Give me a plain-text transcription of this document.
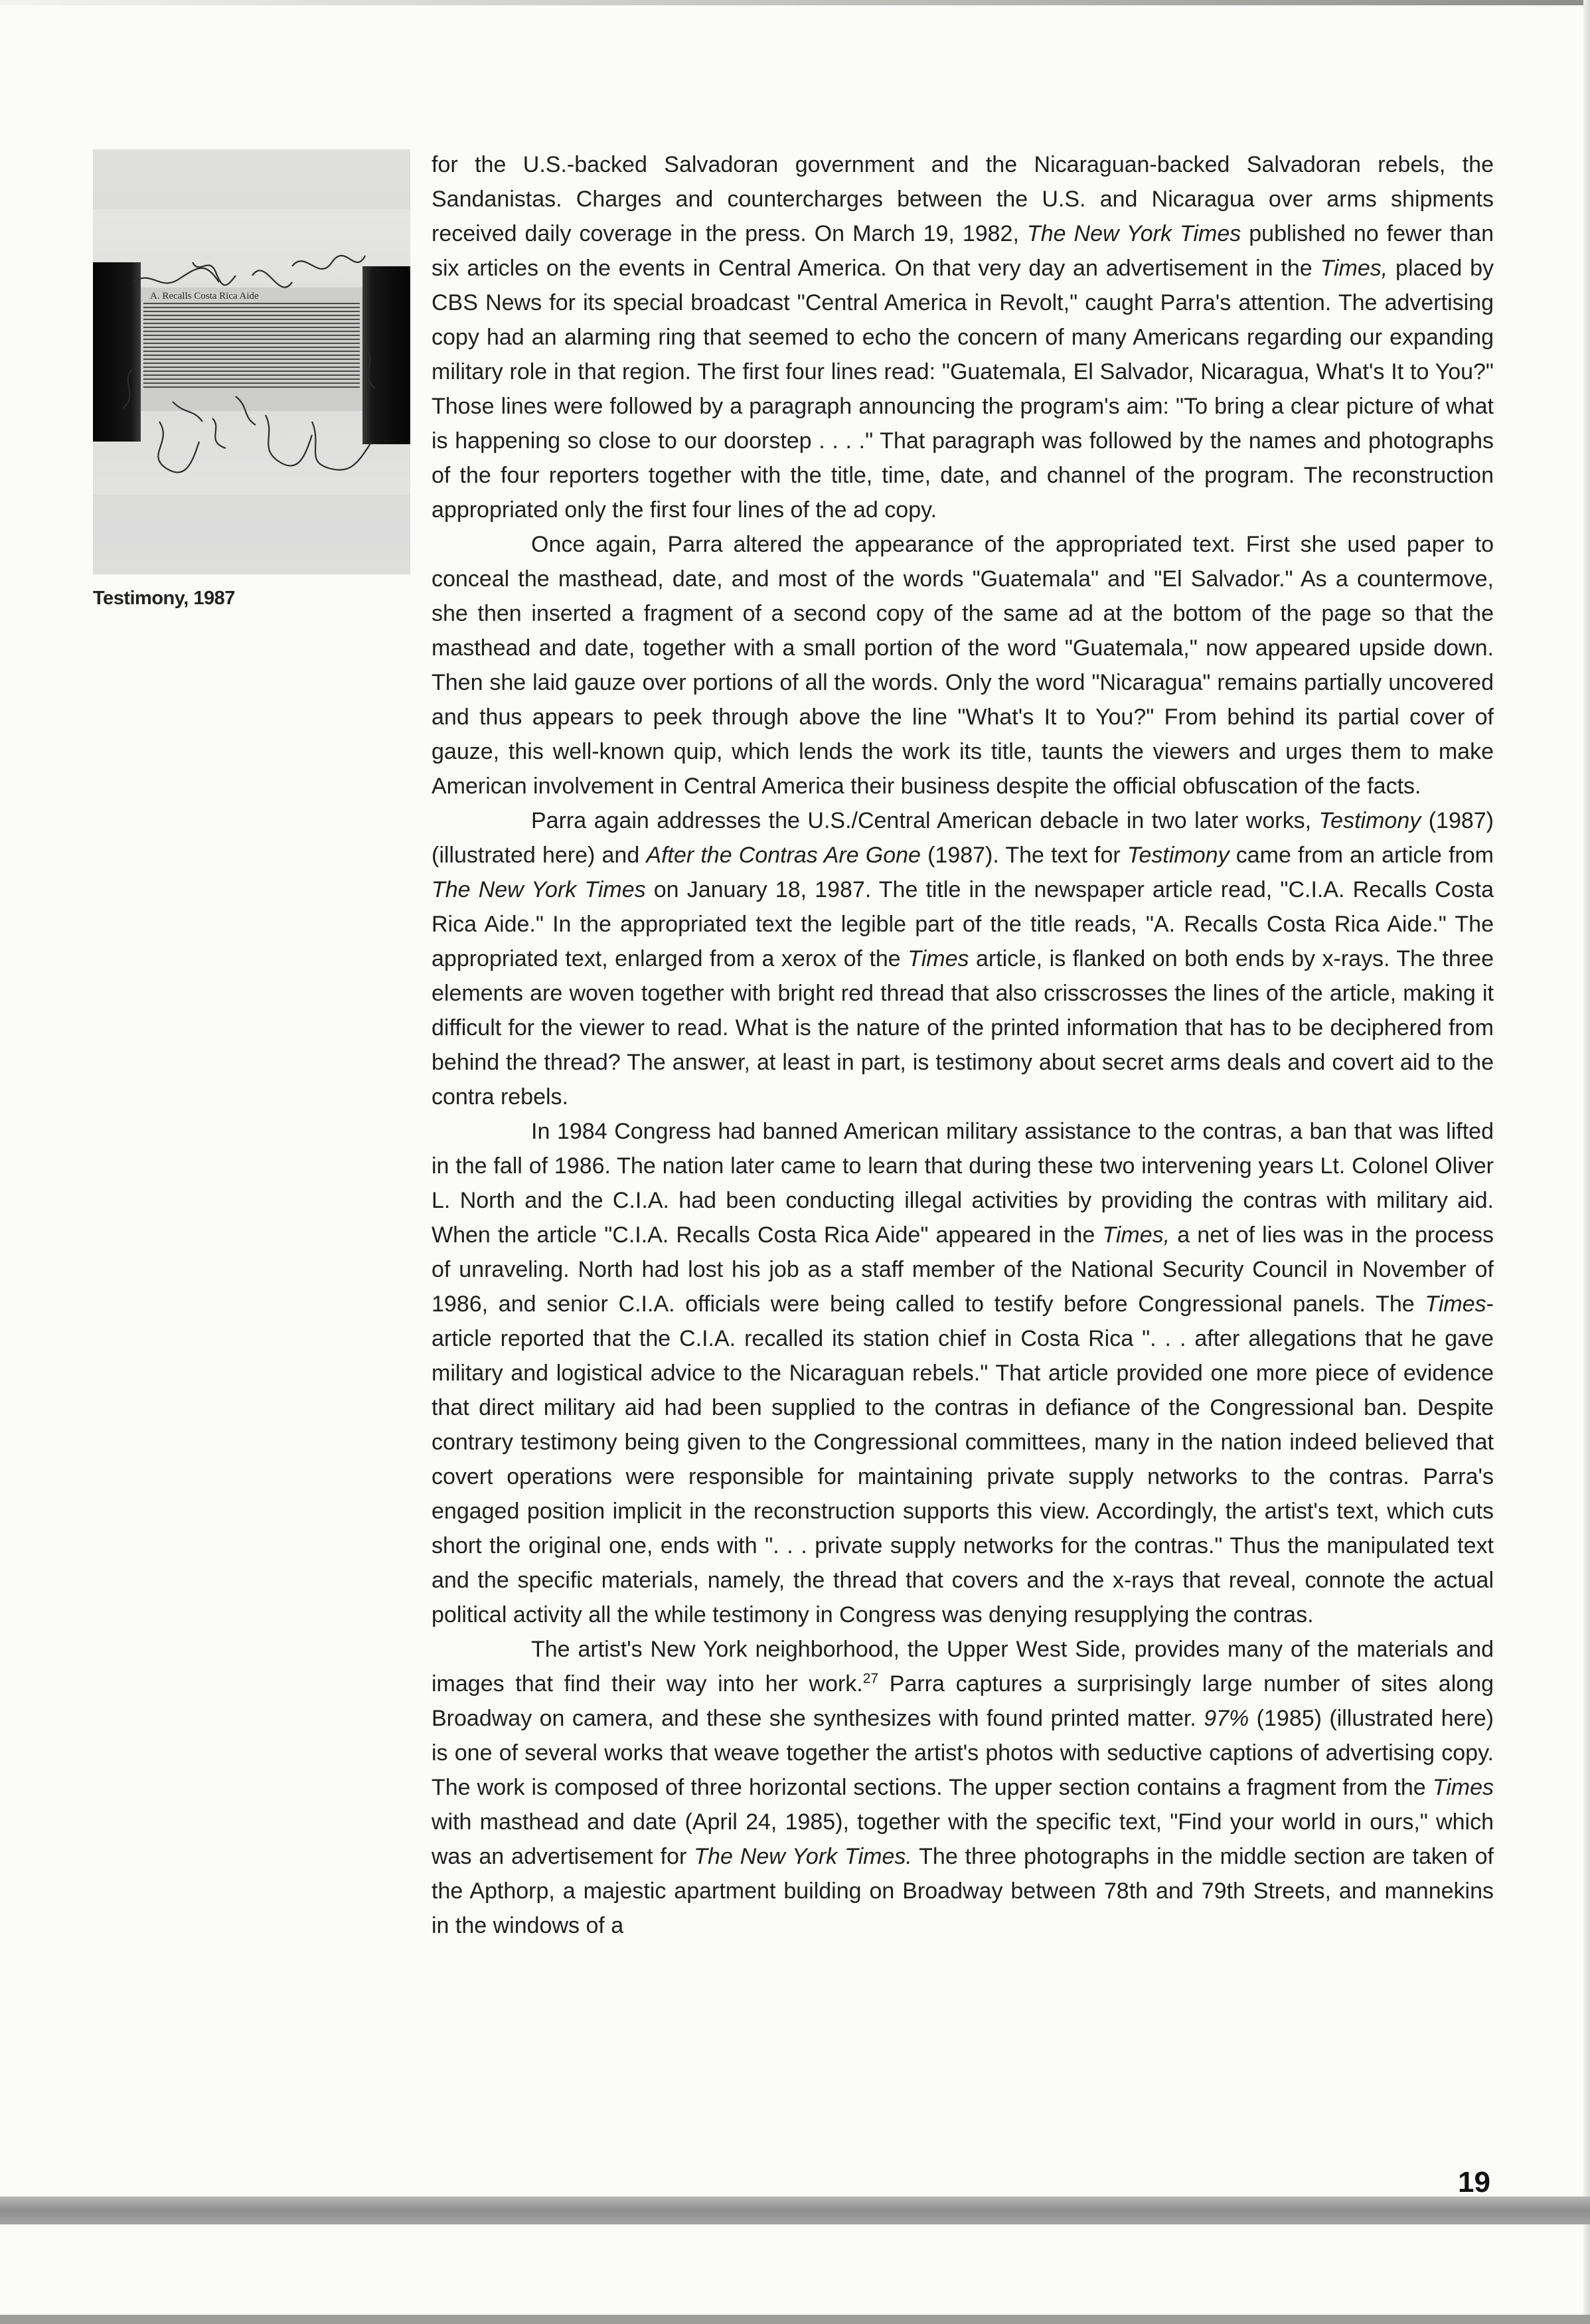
A. Recalls Costa Rica Aide
Testimony, 1987

for the U.S.-backed Salvadoran government and the Nicaraguan-backed Salvadoran rebels, the Sandanistas. Charges and countercharges between the U.S. and Nicaragua over arms shipments received daily coverage in the press. On March 19, 1982, The New York Times published no fewer than six articles on the events in Central America. On that very day an advertisement in the Times, placed by CBS News for its special broadcast "Central America in Revolt," caught Parra's attention. The advertising copy had an alarming ring that seemed to echo the concern of many Americans regarding our expanding military role in that region. The first four lines read: "Guatemala, El Salvador, Nicaragua, What's It to You?" Those lines were followed by a paragraph announcing the program's aim: "To bring a clear picture of what is happening so close to our doorstep . . . ." That paragraph was followed by the names and photographs of the four reporters together with the title, time, date, and channel of the program. The reconstruction appropriated only the first four lines of the ad copy.

Once again, Parra altered the appearance of the appropriated text. First she used paper to conceal the masthead, date, and most of the words "Guatemala" and "El Salvador." As a countermove, she then inserted a fragment of a second copy of the same ad at the bottom of the page so that the masthead and date, together with a small portion of the word "Guatemala," now appeared upside down. Then she laid gauze over portions of all the words. Only the word "Nicaragua" remains partially uncovered and thus appears to peek through above the line "What's It to You?" From behind its partial cover of gauze, this well-known quip, which lends the work its title, taunts the viewers and urges them to make American involvement in Central America their business despite the official obfuscation of the facts.

Parra again addresses the U.S./Central American debacle in two later works, Testimony (1987) (illustrated here) and After the Contras Are Gone (1987). The text for Testimony came from an article from The New York Times on January 18, 1987. The title in the newspaper article read, "C.I.A. Recalls Costa Rica Aide." In the appropriated text the legible part of the title reads, "A. Recalls Costa Rica Aide." The appropriated text, enlarged from a xerox of the Times article, is flanked on both ends by x-rays. The three elements are woven together with bright red thread that also crisscrosses the lines of the article, making it difficult for the viewer to read. What is the nature of the printed information that has to be deciphered from behind the thread? The answer, at least in part, is testimony about secret arms deals and covert aid to the contra rebels.

In 1984 Congress had banned American military assistance to the contras, a ban that was lifted in the fall of 1986. The nation later came to learn that during these two intervening years Lt. Colonel Oliver L. North and the C.I.A. had been conducting illegal activities by providing the contras with military aid. When the article "C.I.A. Recalls Costa Rica Aide" appeared in the Times, a net of lies was in the process of unraveling. North had lost his job as a staff member of the National Security Council in November of 1986, and senior C.I.A. officials were being called to testify before Congressional panels. The Times-article reported that the C.I.A. recalled its station chief in Costa Rica ". . . after allegations that he gave military and logistical advice to the Nicaraguan rebels." That article provided one more piece of evidence that direct military aid had been supplied to the contras in defiance of the Congressional ban. Despite contrary testimony being given to the Congressional committees, many in the nation indeed believed that covert operations were responsible for maintaining private supply networks to the contras. Parra's engaged position implicit in the reconstruction supports this view. Accordingly, the artist's text, which cuts short the original one, ends with ". . . private supply networks for the contras." Thus the manipulated text and the specific materials, namely, the thread that covers and the x-rays that reveal, connote the actual political activity all the while testimony in Congress was denying resupplying the contras.

The artist's New York neighborhood, the Upper West Side, provides many of the materials and images that find their way into her work.$^{27}$ Parra captures a surprisingly large number of sites along Broadway on camera, and these she synthesizes with found printed matter. 97% (1985) (illustrated here) is one of several works that weave together the artist's photos with seductive captions of advertising copy. The work is composed of three horizontal sections. The upper section contains a fragment from the Times with masthead and date (April 24, 1985), together with the specific text, "Find your world in ours," which was an advertisement for The New York Times. The three photographs in the middle section are taken of the Apthorp, a majestic apartment building on Broadway between 78th and 79th Streets, and mannekins in the windows of a

19
